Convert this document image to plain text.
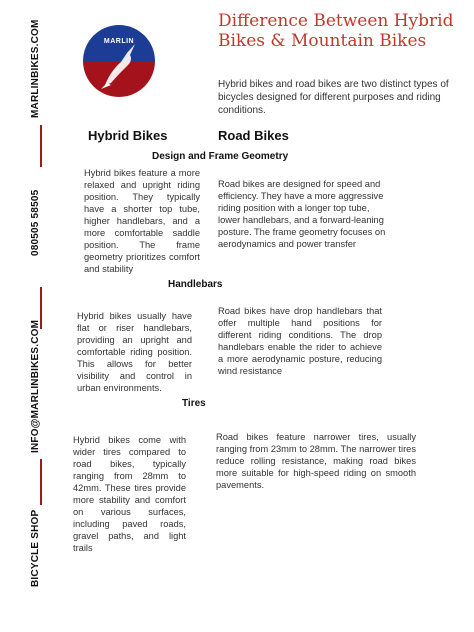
MARLINBIKES.COM
080505 58505
INFO@MARLINBIKES.COM
BICYCLE SHOP
MARLIN
Difference Between Hybrid Bikes & Mountain Bikes
Hybrid bikes and road bikes are two distinct types of bicycles designed for different purposes and riding conditions.
Hybrid Bikes	Road Bikes
Design and Frame Geometry
Hybrid bikes feature a more relaxed and upright riding position. They typically have a shorter top tube, higher handlebars, and a more comfortable saddle position. The frame geometry prioritizes comfort and stability
Road bikes are designed for speed and efficiency. They have a more aggressive riding position with a longer top tube, lower handlebars, and a forward-leaning posture. The frame geometry focuses on aerodynamics and power transfer
Handlebars
Hybrid bikes usually have flat or riser handlebars, providing an upright and comfortable riding position. This allows for better visibility and control in urban environments.
Road bikes have drop handlebars that offer multiple hand positions for different riding conditions. The drop handlebars enable the rider to achieve a more aerodynamic posture, reducing wind resistance
Tires
Hybrid bikes come with wider tires compared to road bikes, typically ranging from 28mm to 42mm. These tires provide more stability and comfort on various surfaces, including paved roads, gravel paths, and light trails
Road bikes feature narrower tires, usually ranging from 23mm to 28mm. The narrower tires reduce rolling resistance, making road bikes more suitable for high-speed riding on smooth pavements.
